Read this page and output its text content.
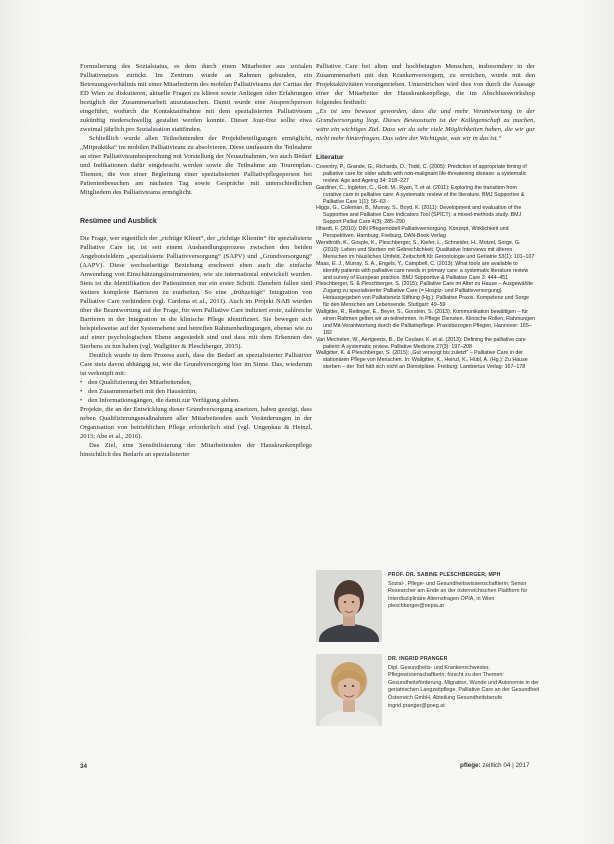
Formulierung des Sozialstatus, es dem durch einen Mitarbeiter aus sozialen Palliativnetzes zurückt. Im Zentrum wurde an Rahmen gebunden, ein Betreuungsverhältnis mit einer Mitarbeiterin des mobilen Palliativteams der Caritas der ED Wien zu diskutieren, aktuelle Fragen zu klären sowie Anliegen oder Erfahrungen bezüglich der Zusammenarbeit auszutauschen. Damit wurde eine Ansprechperson eingeführt, wodurch die Kontaktaufnahme mit dem spezialisierten Palliativteam zukünftig niederschwellig gestaltet werden konnte. Dieser Jour-fixe sollte etwa zweimal jährlich pro Sozialstation stattfinden.

Schließlich wurde allen Teilnehmenden der Projektbeteiligungen ermöglicht, „Mitpraktika“ im mobilen Palliativteam zu absolvieren. Diese umfassten die Teilnahme an einer Palliativteambesprechung mit Vorstellung der Neuaufnahmen, wo auch Bedarf und Indikationen dafür eingebracht werden sowie die Teilnahme am Tourenplan. Themen, die von einer Begleitung einer spezialisierten Palliativpflegeperson bei Patientenbesuchen am nächsten Tag sowie Gespräche mit unterschiedlichen Mitgliedern des Palliativteams ermöglicht.

Resümee und Ausblick

Die Frage, wer eigentlich der „richtige Klient“, der „richtige Klientin“ für spezialisierte Palliative Care ist, ist seit einem Aushandlungsprozess zwischen den beiden Angebotsfeldern „spezialisierte Palliativversorgung“ (SAPV) und „Grundversorgung“ (AAPV). Diese wechselseitige Beziehung erschwert eben auch die einfache Anwendung von Einschätzungsinstrumenten, wie sie international entwickelt wurden. Stets ist die Identifikation der Patientinnen nur ein erster Schritt. Daneben fallen sind weitere komplexe Barrieren zu erarbeiten. So eine „frühzeitige“ Integration von Palliative Care verhindern (vgl. Cardona et al., 2011). Auch im Projekt NAB wurden über die Beantwortung auf der Frage, für wen Palliative Care indiziert erste, zahlreiche Barrieren in der Integration in die klinische Pflege identifiziert. Sie bewegen sich beispielsweise auf der Systemebene und betreffen Rahmenbedingungen, ebenso wie zu auf einer psychologischen Ebene angesiedelt sind und dass mit dem Erkennen des Sterbens zu tun haben (vgl. Wallgitter & Pleschberger, 2015).

Deutlich wurde in dem Prozess auch, dass die Bedarf an spezialisierter Palliativer Care stets davon abhängig ist, wie die Grundversorgung hier im Sinne. Das, wiederum ist verknüpft mit:

• den Qualifizierung der Mitarbeitenden,
• den Zusammenarbeit mit den Hausärztin,
• den Informationsgängen, die damit zur Verfügung stehen.

Projekte, die an der Entwicklung dieser Grundversorgung ansetzen, haben gezeigt, dass neben Qualifizierungsmaßnahmen aller Mitarbeitenden auch Veränderungen in der Organisation von betrieblichen Pflege erforderlich sind (vgl. Ungenkau & Heinzl, 2013; Abe et al., 2016).

Das Ziel, eine Sensibilisierung der Mitarbeitenden der Hauskrankenpflege hinsichtlich des Bedarfs an spezialisierter

Palliative Care bei alten und hochbetagten Menschen, insbesondere in der Zusammenarbeit mit den Krankenversorgern, zu erreichen, wurde mit den Projektaktivitäten vorangetrieben. Unterstrichen wird dies von durch die Aussage einer der Mitarbeiter der Hauskrankenpflege, die im Abschlussworkshop folgendes festhielt:

„Es ist uns bewusst geworden, dass die und mehr Verantwortung in der Grundversorgung liegt. Dieses Bewusstsein ist der Kollegenschaft zu machen, wäre ein wichtiges Ziel. Dass wir da sehr viele Möglichkeiten haben, die wir gar nicht mehr hinterfragen. Das wäre der Wichtigste, was wir in das ist.“

Literatur
Coventry, P., Grande, G., Richards, D., Todd, C. (2005): Prediction of appropriate timing of palliative care for older adults with non-malignant life-threatening disease: a systematic review. Age and Ageing 34: 218–227
Gardiner, C., Ingleton, C., Gott, M., Ryan, T. et al. (2011): Exploring the transition from curative care to palliative care: A systematic review of the literature. BMJ Supportive & Palliative Care 1(1): 56–63
Higgs, G., Coleman, B., Murray, S., Boyd, K. (2011): Development and evaluation of the Supportive and Palliative Care Indicators Tool (SPICT): a mixed-methods study. BMJ Support Palliat Care 4(3): 285–290
Illhardt, F. (2010): DIN Pflegemodell Palliativversorgung. Konzept, Wirklichkeit und Perspektiven. Hamburg, Freiburg. DAN-Book-Verlag
Wendtroth, K., Gosple, K., Pleschberger, S., Kiefer, L., Schneider, H., Motzel, Sorge, G. (2010): Leben und Sterben mit Gebrechlichkeit. Qualitative Interviews mit älteren Menschen im häuslichen Umfeld. Zeitschrift für Gerontologie und Geriatrie 53(1): 101–107
Maas, E. J., Murray, S. A., Engels, Y., Campbell, C. (2013): What tools are available to identify patients with palliative care needs in primary care: a systematic literature review and survey of European practice. BMJ Supportive & Palliative Care 3: 444–451
Pleschberger, S. & Pleschberger, S. (2015): Palliative Care im Alter zu Hause – Ausgewählte Zugang zu spezialisierter Palliative Care (= Hospiz- und Palliativversorgung) Herausgegeben von Palliativnetz Stiftung (Hg.): Palliative Praxis. Kompetenz und Sorge für den Menschen am Lebensende. Stuttgart: 49–59
Wallgitter, R., Reitinger, E., Beyer, S., Gorstein, S. (2013): Kommunikation bewältigen – für einen Rahmen gelten wir an teilnehmen. In Pflege Diensten. Klinische Rollen, Rahmungen und Mit-Verantwortung durch die Palliativpflege. Praxisbezogen Pflegen, Hannover: 165–182
Van Mechelen, W., Aertgeerts, B., De Ceulaer, K. et al. (2013): Defining the palliative care patient: A systematic review. Palliative Medicine 27(3): 197–208
Wallgitter, K. & Pleschberger, S. (2015): „Gut versorgt bis zuletzt“ – Palliative Care in der stationären Pflege von Menschen. In: Wallgitter, K., Heinzl, K., Hübl, A. (Hg.): Zu Hause sterben – der Tod hält sich nicht an Dienstpläne. Freiburg: Lambertus Verlag: 167–178
PROF. DR. SABINE PLESCHBERGER, MPH
Sozial-, Pflege- und Gesundheitswissenschaftlerin; Senior Researcher am Ende an der österreichischen Plattform für Interdisziplinäre Alternsfragen ÖPIA, in Wien
pleschberger@oepia.at
DR. INGRID PRANGER
Dipl. Gesundheits- und Krankenschwester, Pflegewissenschaftlerin; forscht zu den Themen: Gesundheitsförderung, Migration, Wunde und Autonomie in der geriatrischen Langzeitpflege, Palliative Care an der Gesundheit Österreich GmbH, Abteilung Gesundheitsberufe
ingrid.pranger@goeg.at
34	pflege: zeitlich 04 | 2017
